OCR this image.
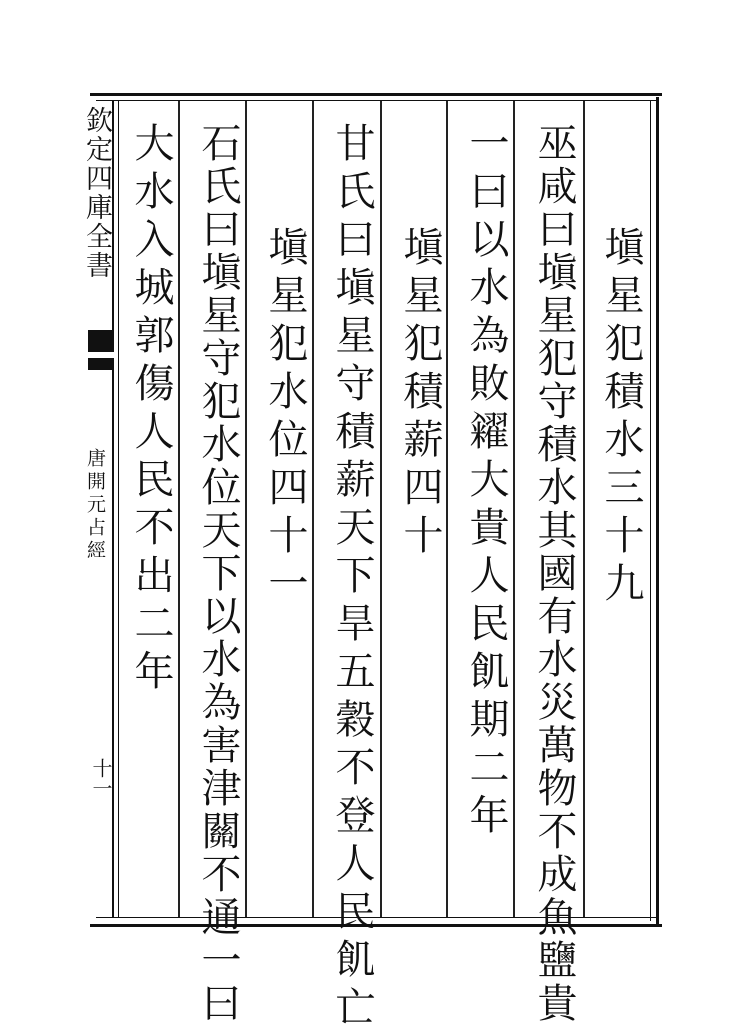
欽定四庫全書
唐開元占經
十一
塡星犯積水三十九
巫咸曰塡星犯守積水其國有水災萬物不成魚鹽貴
一曰以水為敗糴大貴人民飢期二年
塡星犯積薪四十
甘氏曰塡星守積薪天下旱五穀不登人民飢亡
塡星犯水位四十一
石氏曰塡星守犯水位天下以水為害津關不通一曰
大水入城郭傷人民不出二年
